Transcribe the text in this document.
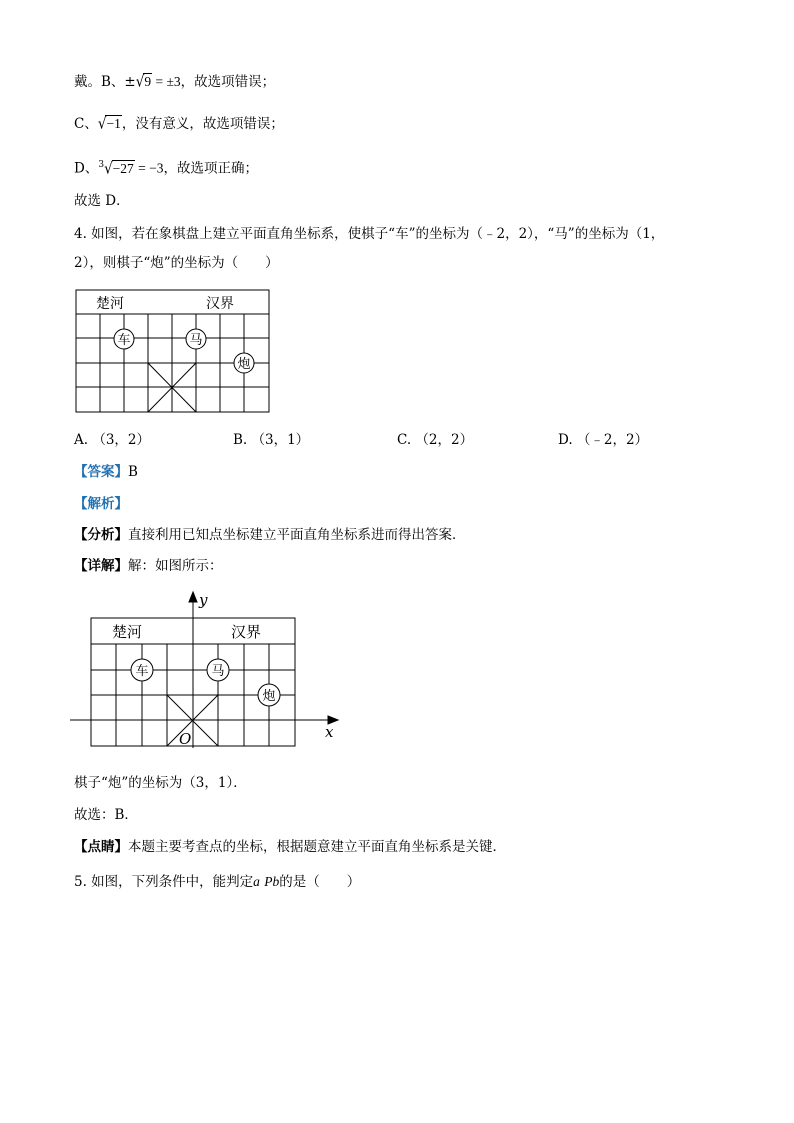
戴。B、±√9 = ±3，故选项错误；
C、√−1，没有意义，故选项错误；
D、$^3$√−27 = −3，故选项正确；
故选 D．
4. 如图，若在象棋盘上建立平面直角坐标系，使棋子“车”的坐标为（﹣2，2），“马”的坐标为（1，
2），则棋子“炮”的坐标为（　　）
楚河	汉界
车	马
炮
A. （3，2）	B. （3，1）	C. （2，2）	D. （﹣2，2）
【答案】B
【解析】
【分析】直接利用已知点坐标建立平面直角坐标系进而得出答案．
【详解】解：如图所示：
x
y
O
楚河	汉界
车	马
炮
棋子“炮”的坐标为（3，1）．
故选：B．
【点睛】本题主要考查点的坐标，根据题意建立平面直角坐标系是关键．
5. 如图，下列条件中，能判定a Pb的是（　　）
